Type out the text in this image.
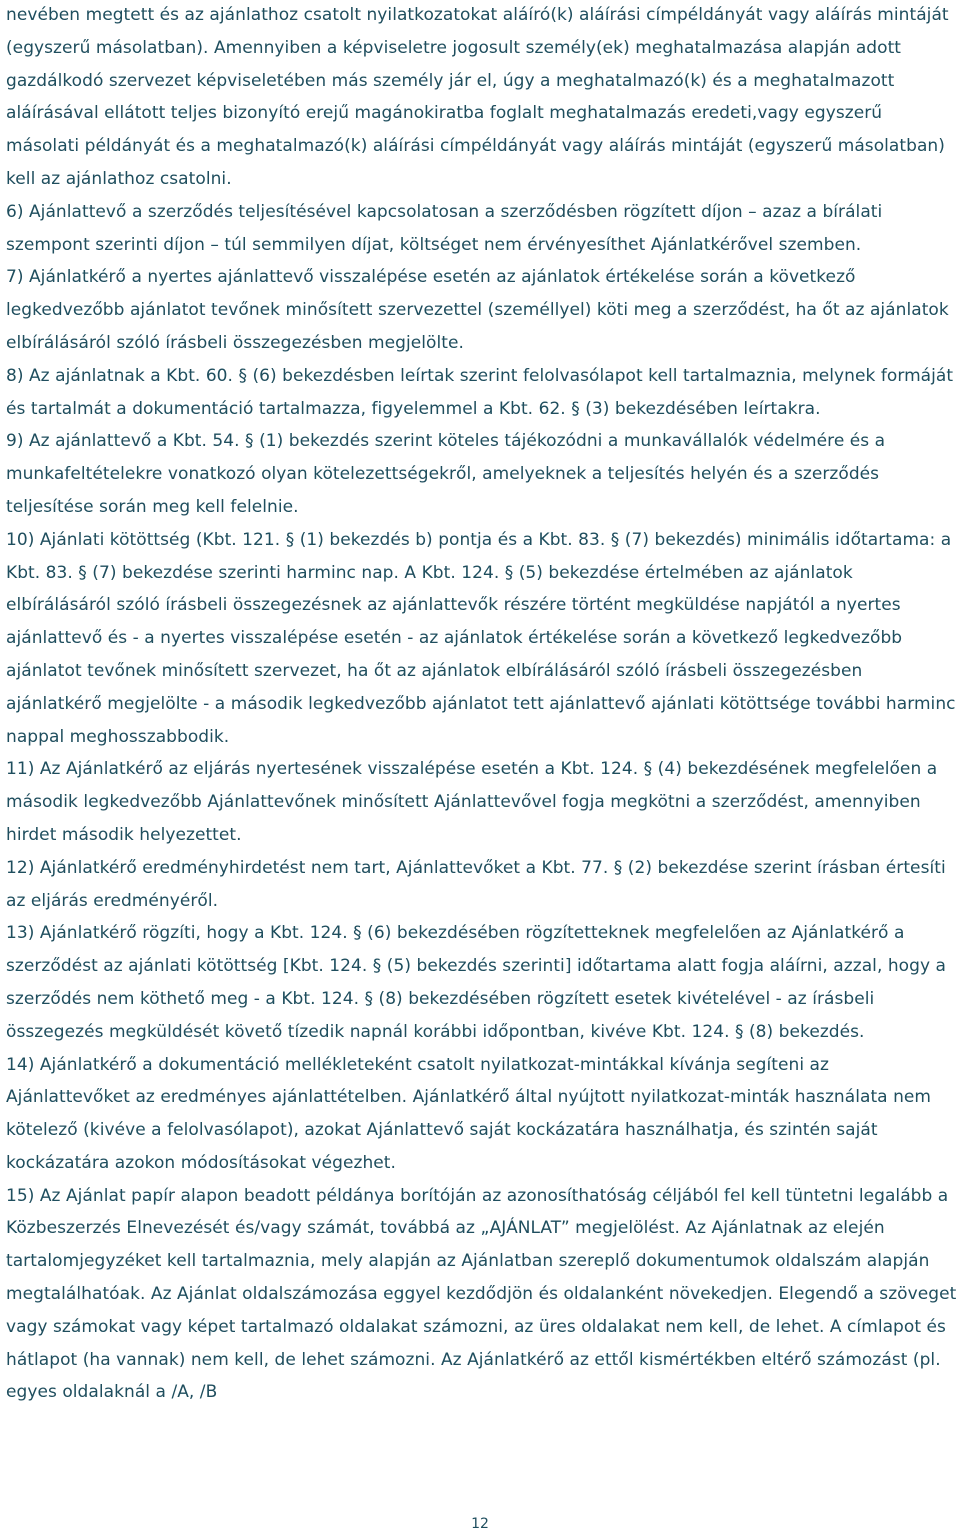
nevében megtett és az ajánlathoz csatolt nyilatkozatokat aláíró(k) aláírási címpéldányát vagy aláírás mintáját (egyszerű másolatban). Amennyiben a képviseletre jogosult személy(ek) meghatalmazása alapján adott gazdálkodó szervezet képviseletében más személy jár el, úgy a meghatalmazó(k) és a meghatalmazott aláírásával ellátott teljes bizonyító erejű magánokiratba foglalt meghatalmazás eredeti,vagy egyszerű másolati példányát és a meghatalmazó(k) aláírási címpéldányát vagy aláírás mintáját (egyszerű másolatban) kell az ajánlathoz csatolni.

6) Ajánlattevő a szerződés teljesítésével kapcsolatosan a szerződésben rögzített díjon – azaz a bírálati szempont szerinti díjon – túl semmilyen díjat, költséget nem érvényesíthet Ajánlatkérővel szemben.

7) Ajánlatkérő a nyertes ajánlattevő visszalépése esetén az ajánlatok értékelése során a következő legkedvezőbb ajánlatot tevőnek minősített szervezettel (személlyel) köti meg a szerződést, ha őt az ajánlatok elbírálásáról szóló írásbeli összegezésben megjelölte.

8) Az ajánlatnak a Kbt. 60. § (6) bekezdésben leírtak szerint felolvasólapot kell tartalmaznia, melynek formáját és tartalmát a dokumentáció tartalmazza, figyelemmel a Kbt. 62. § (3) bekezdésében leírtakra.

9) Az ajánlattevő a Kbt. 54. § (1) bekezdés szerint köteles tájékozódni a munkavállalók védelmére és a munkafeltételekre vonatkozó olyan kötelezettségekről, amelyeknek a teljesítés helyén és a szerződés teljesítése során meg kell felelnie.

10) Ajánlati kötöttség (Kbt. 121. § (1) bekezdés b) pontja és a Kbt. 83. § (7) bekezdés) minimális időtartama: a Kbt. 83. § (7) bekezdése szerinti harminc nap. A Kbt. 124. § (5) bekezdése értelmében az ajánlatok elbírálásáról szóló írásbeli összegezésnek az ajánlattevők részére történt megküldése napjától a nyertes ajánlattevő és - a nyertes visszalépése esetén - az ajánlatok értékelése során a következő legkedvezőbb ajánlatot tevőnek minősített szervezet, ha őt az ajánlatok elbírálásáról szóló írásbeli összegezésben ajánlatkérő megjelölte - a második legkedvezőbb ajánlatot tett ajánlattevő ajánlati kötöttsége további harminc nappal meghosszabbodik.

11) Az Ajánlatkérő az eljárás nyertesének visszalépése esetén a Kbt. 124. § (4) bekezdésének megfelelően a második legkedvezőbb Ajánlattevőnek minősített Ajánlattevővel fogja megkötni a szerződést, amennyiben hirdet második helyezettet.

12) Ajánlatkérő eredményhirdetést nem tart, Ajánlattevőket a Kbt. 77. § (2) bekezdése szerint írásban értesíti az eljárás eredményéről.

13) Ajánlatkérő rögzíti, hogy a Kbt. 124. § (6) bekezdésében rögzítetteknek megfelelően az Ajánlatkérő a szerződést az ajánlati kötöttség [Kbt. 124. § (5) bekezdés szerinti] időtartama alatt fogja aláírni, azzal, hogy a szerződés nem köthető meg - a Kbt. 124. § (8) bekezdésében rögzített esetek kivételével - az írásbeli összegezés megküldését követő tízedik napnál korábbi időpontban, kivéve Kbt. 124. § (8) bekezdés.

14) Ajánlatkérő a dokumentáció mellékleteként csatolt nyilatkozat-mintákkal kívánja segíteni az Ajánlattevőket az eredményes ajánlattételben. Ajánlatkérő által nyújtott nyilatkozat-minták használata nem kötelező (kivéve a felolvasólapot), azokat Ajánlattevő saját kockázatára használhatja, és szintén saját kockázatára azokon módosításokat végezhet.

15) Az Ajánlat papír alapon beadott példánya borítóján az azonosíthatóság céljából fel kell tüntetni legalább a Közbeszerzés Elnevezését és/vagy számát, továbbá az „AJÁNLAT” megjelölést. Az Ajánlatnak az elején tartalomjegyzéket kell tartalmaznia, mely alapján az Ajánlatban szereplő dokumentumok oldalszám alapján megtalálhatóak. Az Ajánlat oldalszámozása eggyel kezdődjön és oldalanként növekedjen. Elegendő a szöveget vagy számokat vagy képet tartalmazó oldalakat számozni, az üres oldalakat nem kell, de lehet. A címlapot és hátlapot (ha vannak) nem kell, de lehet számozni. Az Ajánlatkérő az ettől kismértékben eltérő számozást (pl. egyes oldalaknál a /A, /B

12
